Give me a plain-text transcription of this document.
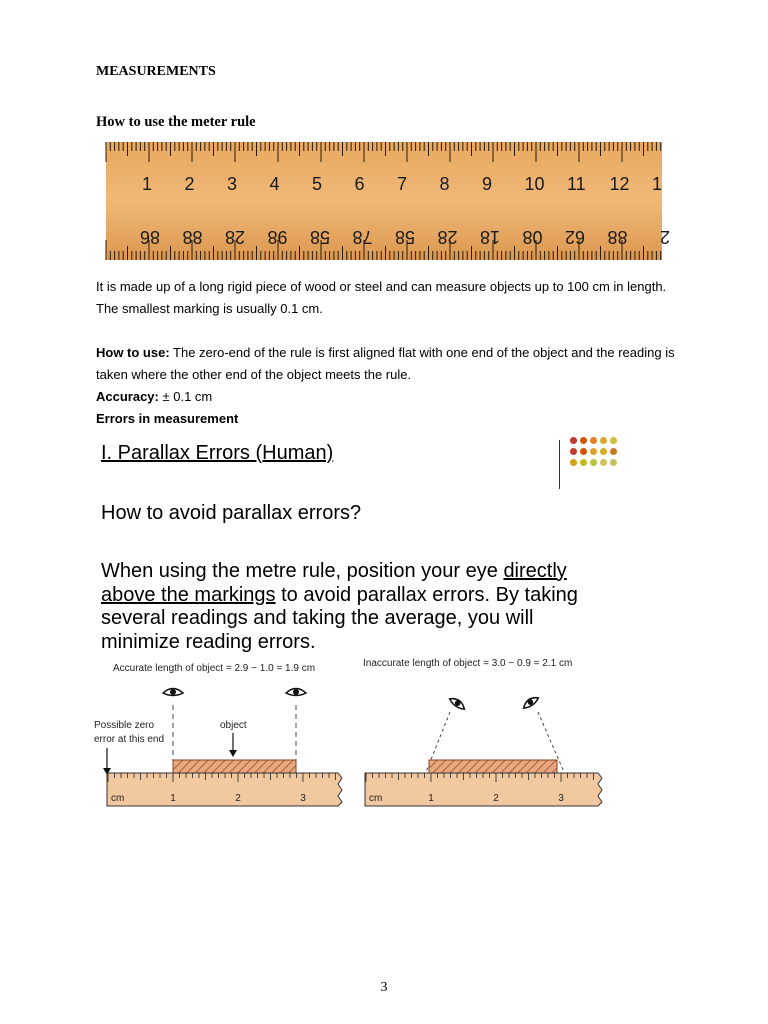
MEASUREMENTS
How to use the meter rule
1 2 3 4 5 6 7 8 9 10 11 12 1
86 88 28 98 58 78 58 28 18 08 62 88 2
It is made up of a long rigid piece of wood or steel and can measure objects up to 100 cm in length.
The smallest marking is usually 0.1 cm.
How to use: The zero-end of the rule is first aligned flat with one end of the object and the reading is
taken where the other end of the object meets the rule.
Accuracy: ± 0.1 cm
Errors in measurement
I. Parallax Errors (Human)
How to avoid parallax errors?
When using the metre rule, position your eye directly above the markings to avoid parallax errors. By taking several readings and taking the average, you will minimize reading errors.
Accurate length of object = 2.9 − 1.0 = 1.9 cm
Possible zero
error at this end
object
cm	1	2	3
Inaccurate length of object = 3.0 − 0.9 = 2.1 cm
cm	1	2	3
3
